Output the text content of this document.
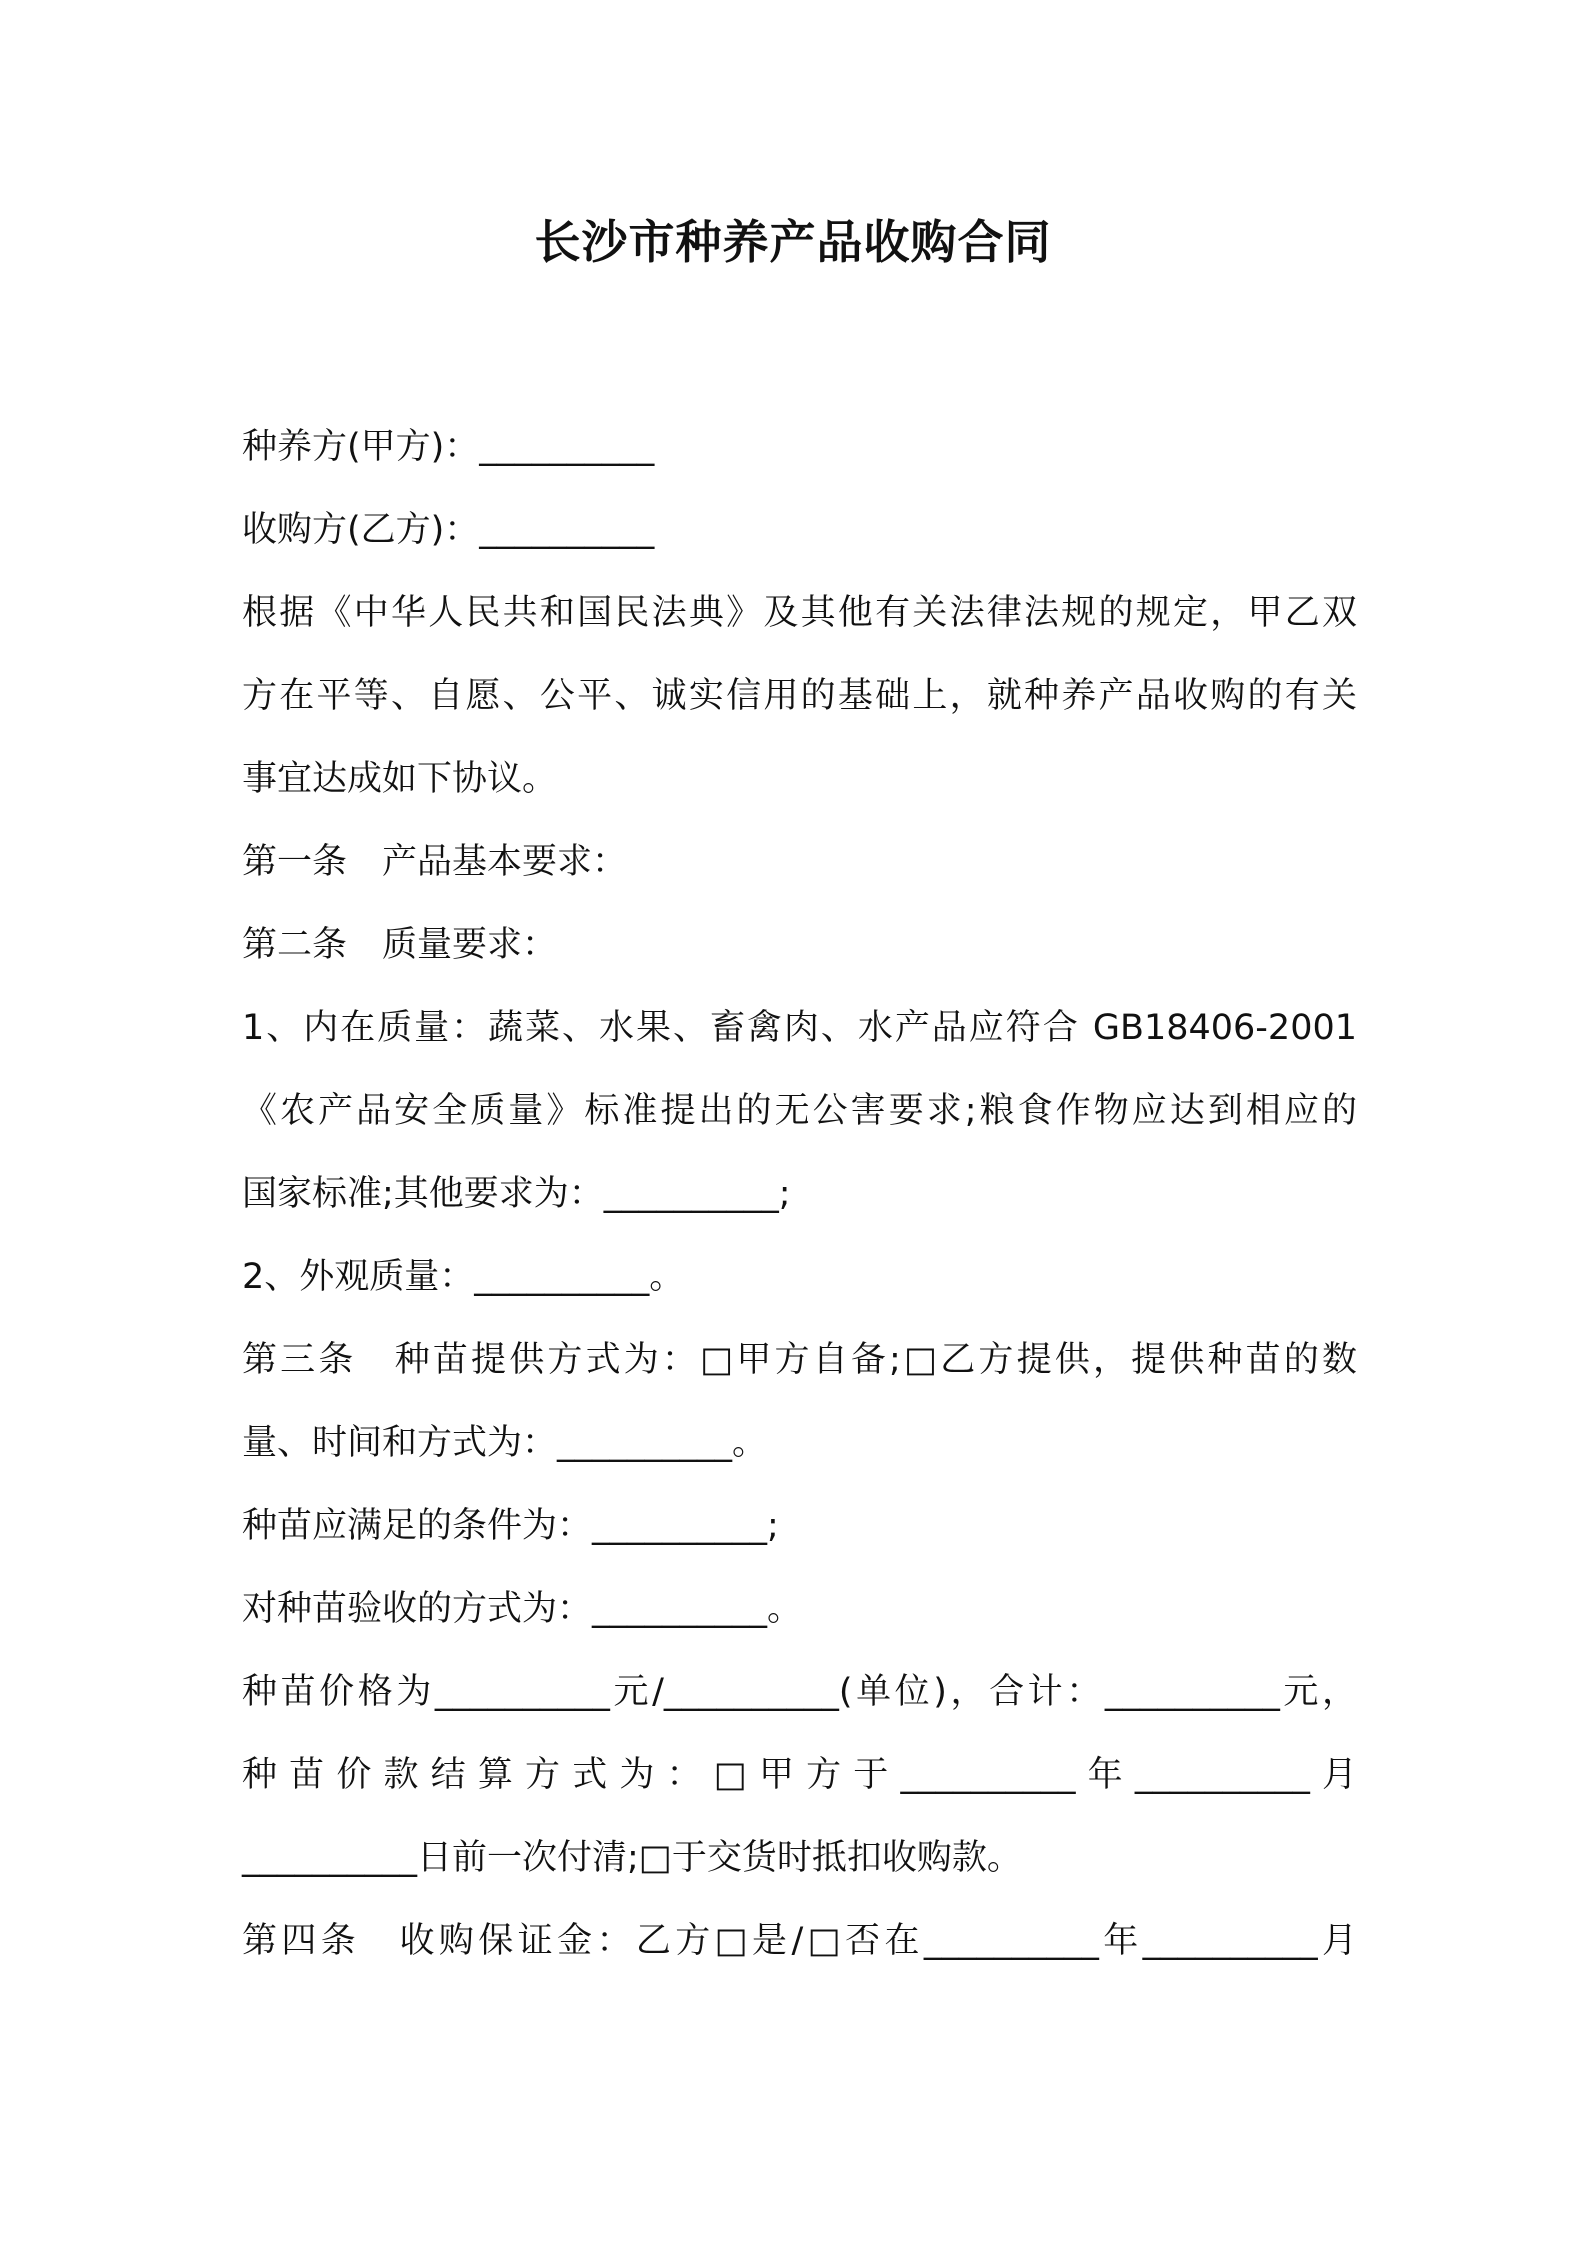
长沙市种养产品收购合同
种养方(甲方)：__________
收购方(乙方)：__________
根据《中华人民共和国民法典》及其他有关法律法规的规定，甲乙双
方在平等、自愿、公平、诚实信用的基础上，就种养产品收购的有关
事宜达成如下协议。
第一条　产品基本要求：
第二条　质量要求：
1、内在质量：蔬菜、水果、畜禽肉、水产品应符合 GB18406-2001
《农产品安全质量》标准提出的无公害要求;粮食作物应达到相应的
国家标准;其他要求为：__________;
2、外观质量：__________。
第三条　种苗提供方式为：□甲方自备;□乙方提供，提供种苗的数
量、时间和方式为：__________。
种苗应满足的条件为：__________;
对种苗验收的方式为：__________。
种苗价格为__________元/__________(单位)，合计：__________元，
种苗价款结算方式为：□甲方于__________年__________月
__________日前一次付清;□于交货时抵扣收购款。
第四条　收购保证金：乙方□是/□否在__________年__________月
